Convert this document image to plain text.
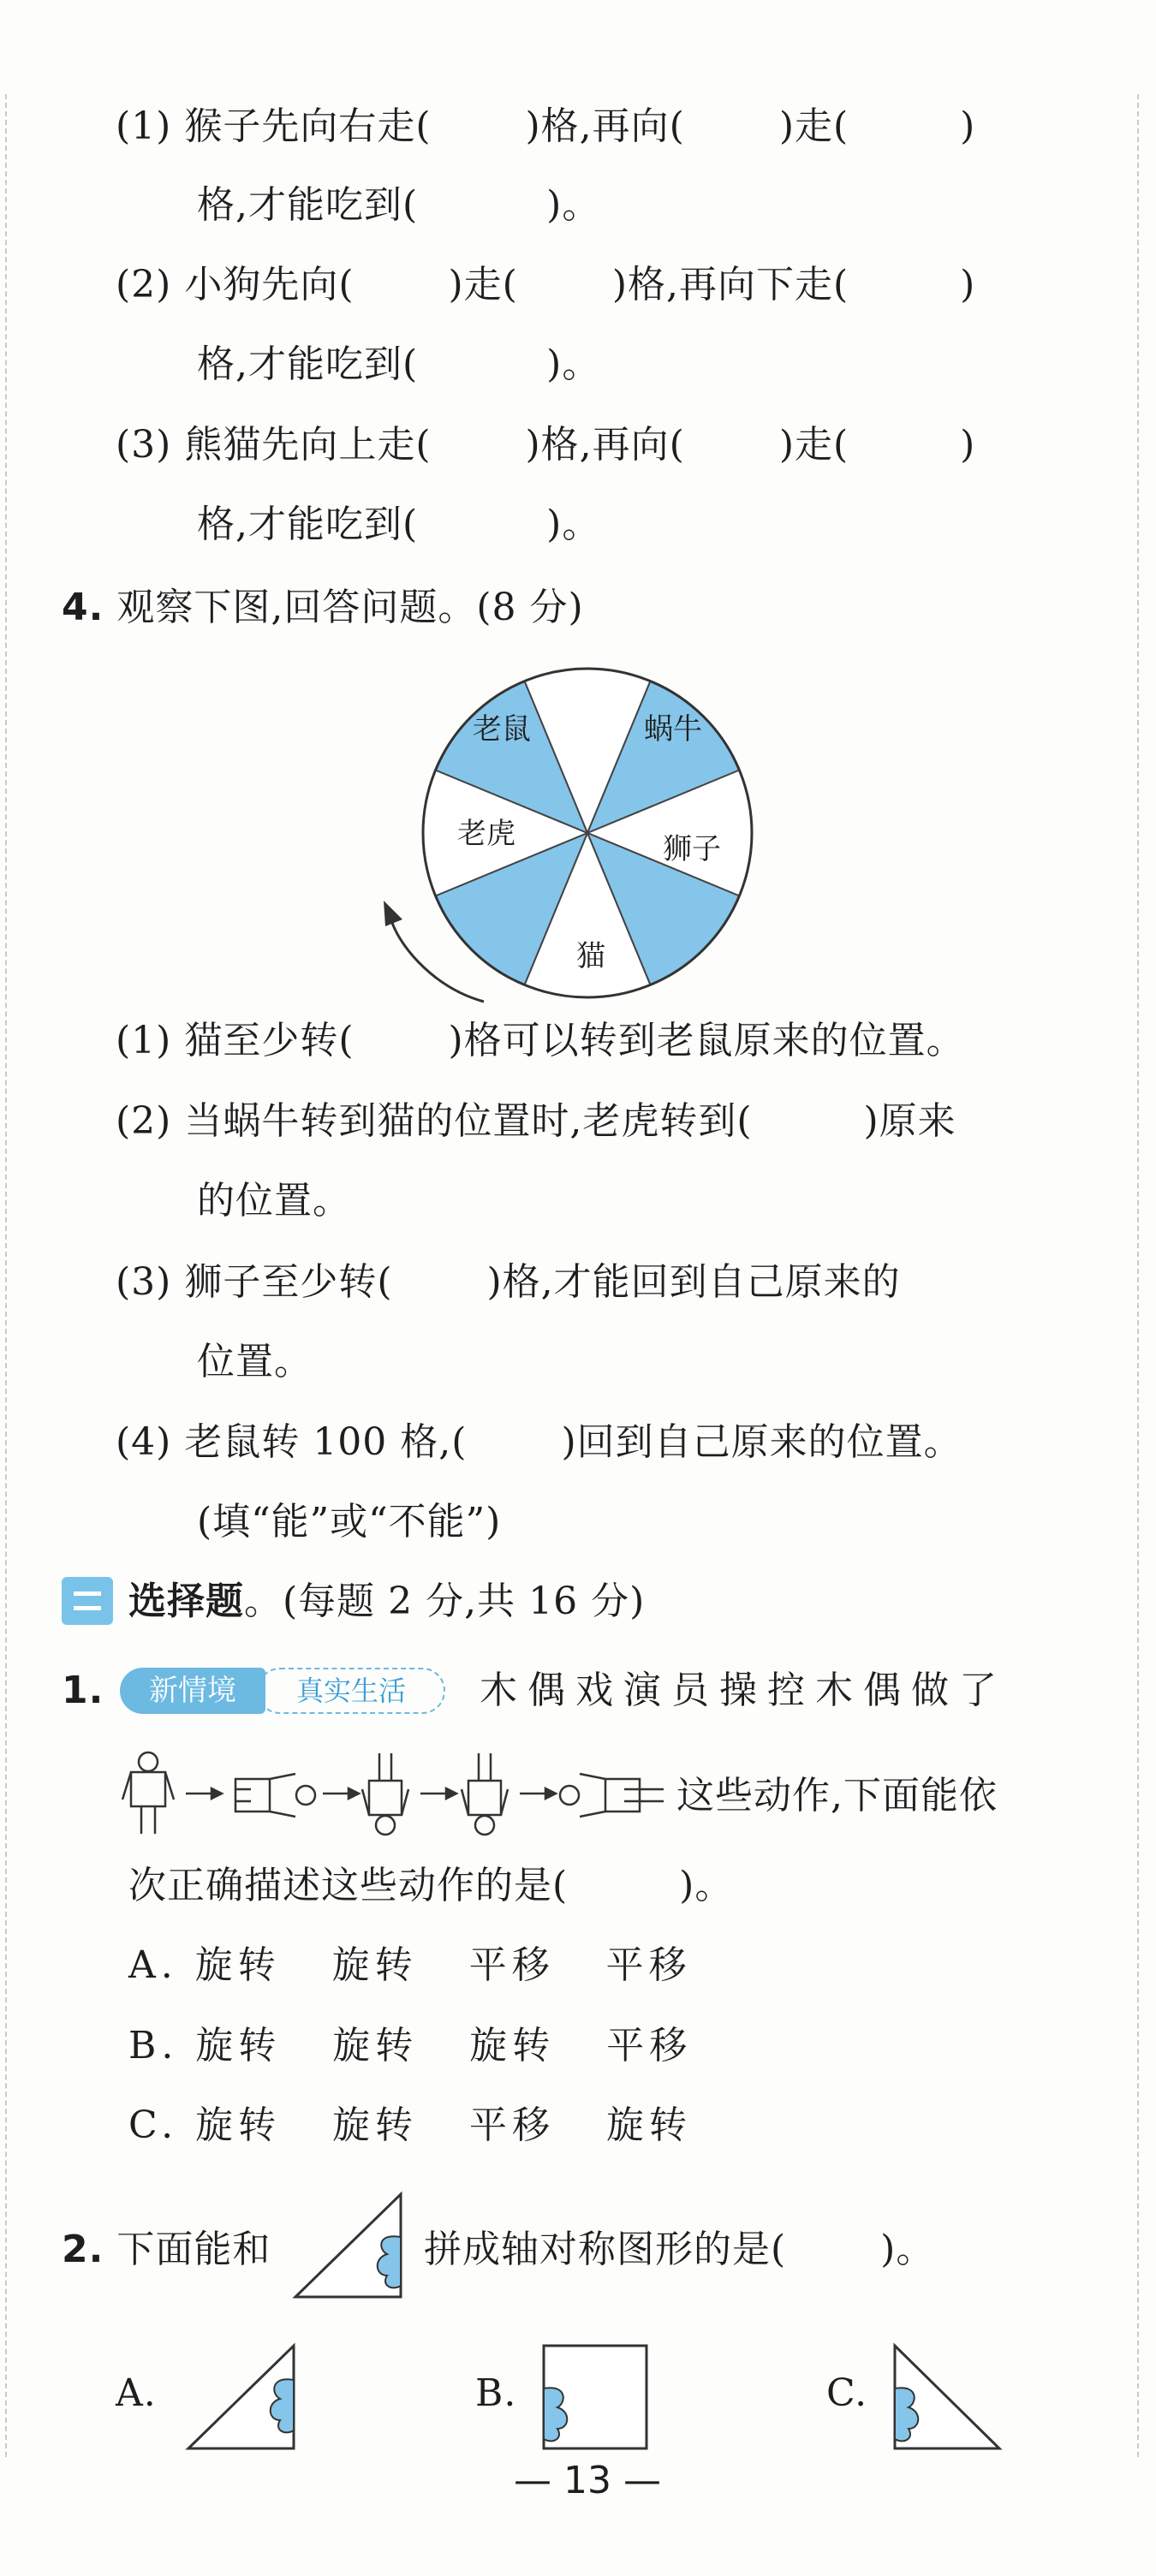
(1) 猴子先向右走(	)格,再向(	)走(	)
格,才能吃到(	)。
(2) 小狗先向(	)走(	)格,再向下走(	)
格,才能吃到(	)。
(3) 熊猫先向上走(	)格,再向(	)走(	)
格,才能吃到(	)。
4. 观察下图,回答问题。(8 分)
老鼠	蜗牛
老虎	狮子
猫
(1) 猫至少转(	)格可以转到老鼠原来的位置。
(2) 当蜗牛转到猫的位置时,老虎转到(	)原来
的位置。
(3) 狮子至少转(	)格,才能回到自己原来的
位置。
(4) 老鼠转 100 格,(	)回到自己原来的位置。
(填“能”或“不能”)
选择题。(每题 2 分,共 16 分)
1.	新情境	真实生活	木偶戏演员操控木偶做了
这些动作,下面能依
次正确描述这些动作的是(	)。
A. 旋转 旋转 平移 平移
B. 旋转 旋转 旋转 平移
C. 旋转 旋转 平移 旋转
2. 下面能和	拼成轴对称图形的是(	)。
A.	B.	C.
— 13 —
